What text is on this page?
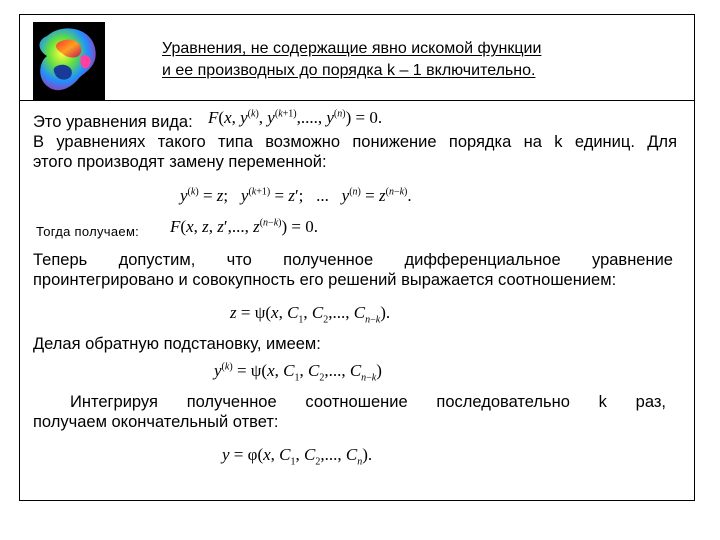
Уравнения, не содержащие явно искомой функции
и ее производных до порядка k – 1 включительно.
Это уравнения вида: F(x, $y^{(k)}$, $y^{(k+1)}$,...., $y^{(n)}) = 0$.
В уравнениях такого типа возможно понижение порядка на k единиц. Для
этого производят замену переменной:
$y^{(k)} = z$;   $y^{(k+1)} = z'$;   ...   $y^{(n)} = z^{(n-k)}$.
Тогда получаем: F(x, z, z′,..., $z^{(n-k)}) = 0$.
Теперь допустим, что полученное дифференциальное уравнение
проинтегрировано и совокупность его решений выражается соотношением:
z = ψ(x, $C_1$, $C_2$,..., $C_{n-k}$).
Делая обратную подстановку, имеем:
$y^{(k)} = \psi(x$, $C_1$, $C_2$,..., $C_{n-k}$)
Интегрируя полученное соотношение последовательно k раз,
получаем окончательный ответ:
y = φ(x, $C_1$, $C_2$,..., $C_n$).
